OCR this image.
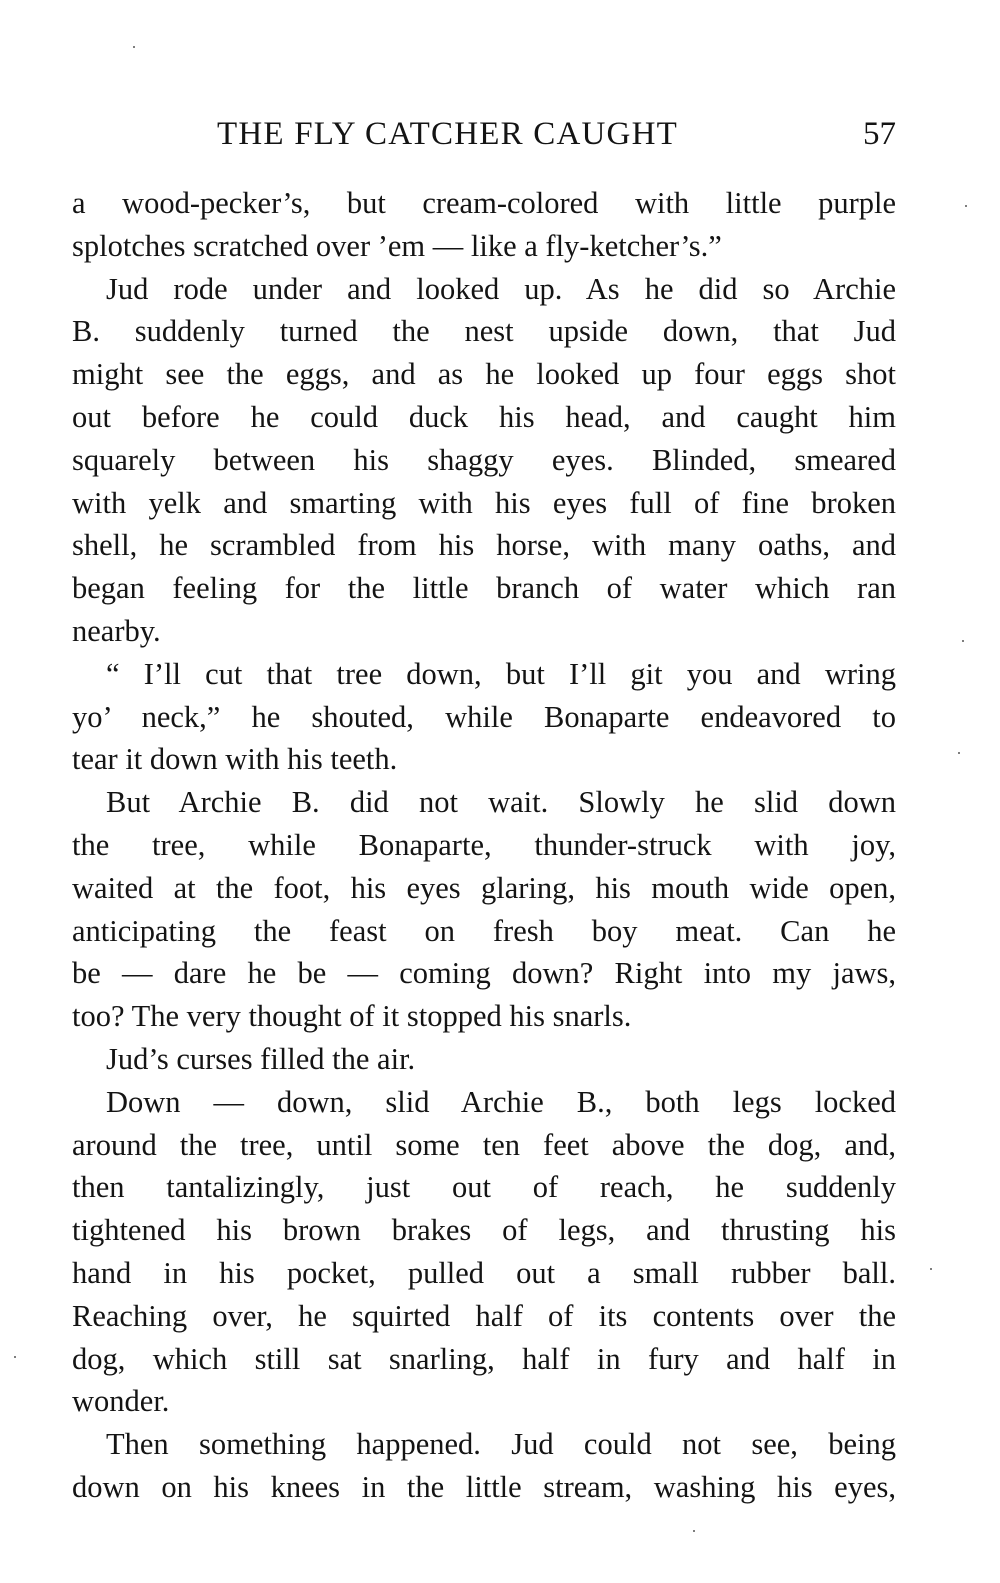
THE FLY CATCHER CAUGHT	57
a wood-pecker’s, but cream-colored with little purple
splotches scratched over ’em — like a fly-ketcher’s.”
Jud rode under and looked up. As he did so Archie
B. suddenly turned the nest upside down, that Jud
might see the eggs, and as he looked up four eggs shot
out before he could duck his head, and caught him
squarely between his shaggy eyes. Blinded, smeared
with yelk and smarting with his eyes full of fine broken
shell, he scrambled from his horse, with many oaths, and
began feeling for the little branch of water which ran
nearby.
“ I’ll cut that tree down, but I’ll git you and wring
yo’ neck,” he shouted, while Bonaparte endeavored to
tear it down with his teeth.
But Archie B. did not wait. Slowly he slid down
the tree, while Bonaparte, thunder-struck with joy,
waited at the foot, his eyes glaring, his mouth wide open,
anticipating the feast on fresh boy meat. Can he
be — dare he be — coming down? Right into my jaws,
too? The very thought of it stopped his snarls.
Jud’s curses filled the air.
Down — down, slid Archie B., both legs locked
around the tree, until some ten feet above the dog, and,
then tantalizingly, just out of reach, he suddenly
tightened his brown brakes of legs, and thrusting his
hand in his pocket, pulled out a small rubber ball.
Reaching over, he squirted half of its contents over the
dog, which still sat snarling, half in fury and half in
wonder.
Then something happened. Jud could not see, being
down on his knees in the little stream, washing his eyes,
